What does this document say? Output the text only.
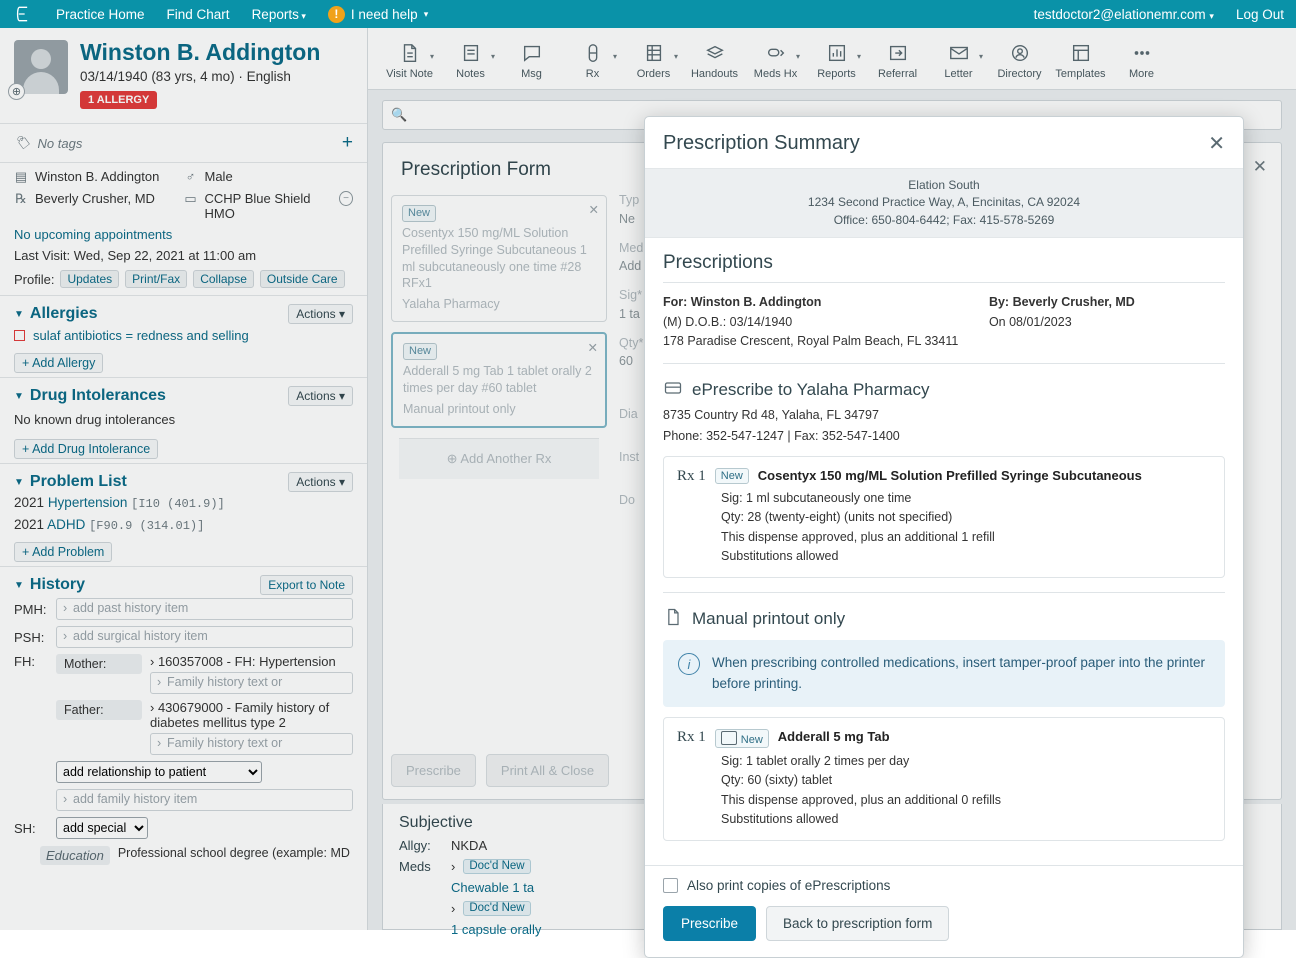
Practice Home Find Chart Reports ▾	! I need help ▾	testdoctor2@elationemr.com ▾ Log Out
⊕
Winston B. Addington
03/14/1940 (83 yrs, 4 mo) · English
1 ALLERGY
🏷 No tags	+
▤ Winston B. Addington ♂ Male
℞ Beverly Crusher, MD ▭ CCHP Blue Shield HMO
−
No upcoming appointments
Last Visit: Wed, Sep 22, 2021 at 11:00 am
Profile:	Updates	Print/Fax	Collapse	Outside Care
▼ Allergies	Actions ▾
sulaf antibiotics = redness and selling
+ Add Allergy
▼ Drug Intolerances	Actions ▾
No known drug intolerances
+ Add Drug Intolerance
▼ Problem List	Actions ▾
2021 Hypertension [I10 (401.9)]
2021 ADHD [F90.9 (314.01)]
+ Add Problem
▼ History	Export to Note
PMH:	› add past history item
PSH:	› add surgical history item
FH:	Mother:	› 160357008 - FH: Hypertension
› Family history text or
Father:	› 430679000 - Family history of diabetes mellitus type 2
› Family history text or
add relationship to patient
› add family history item
SH:
add special
Education	Professional school degree (example: MD
Visit Note
▾
Notes
▾
Msg	Rx
▾
Orders
▾
Handouts	Meds Hx
▾
Reports
▾
Referral	Letter
▾
Directory	Templates	More
🔍
Prescription Form	✕
✕
New
Cosentyx 150 mg/ML Solution Prefilled Syringe Subcutaneous 1 ml subcutaneously one time #28 RFx1
Yalaha Pharmacy
✕
New
Adderall 5 mg Tab 1 tablet orally 2 times per day #60 tablet
Manual printout only
⊕ Add Another Rx
Prescribe	Print All & Close
Typ
Ne
Med
Add
Sig*
1 ta
Qty*
60
Dia
Inst
Do
Subjective
Allgy:	NKDA
Meds	›	Doc'd New
Chewable 1 ta
›	Doc'd New
1 capsule orally
Prescription Summary	✕
Elation South
1234 Second Practice Way, A, Encinitas, CA 92024
Office: 650-804-6442; Fax: 415-578-5269
Prescriptions
For: Winston B. Addington
(M) D.O.B.: 03/14/1940
178 Paradise Crescent, Royal Palm Beach, FL 33411
By: Beverly Crusher, MD
On 08/01/2023
ePrescribe to Yalaha Pharmacy
8735 Country Rd 48, Yalaha, FL 34797
Phone: 352-547-1247 | Fax: 352-547-1400
Rx 1	New	Cosentyx 150 mg/ML Solution Prefilled Syringe Subcutaneous
Sig: 1 ml subcutaneously one time
Qty: 28 (twenty-eight) (units not specified)
This dispense approved, plus an additional 1 refill
Substitutions allowed
Manual printout only
i	When prescribing controlled medications, insert tamper-proof paper into the printer before printing.
Rx 1	New	Adderall 5 mg Tab
Sig: 1 tablet orally 2 times per day
Qty: 60 (sixty) tablet
This dispense approved, plus an additional 0 refills
Substitutions allowed
Also print copies of ePrescriptions
Prescribe	Back to prescription form
